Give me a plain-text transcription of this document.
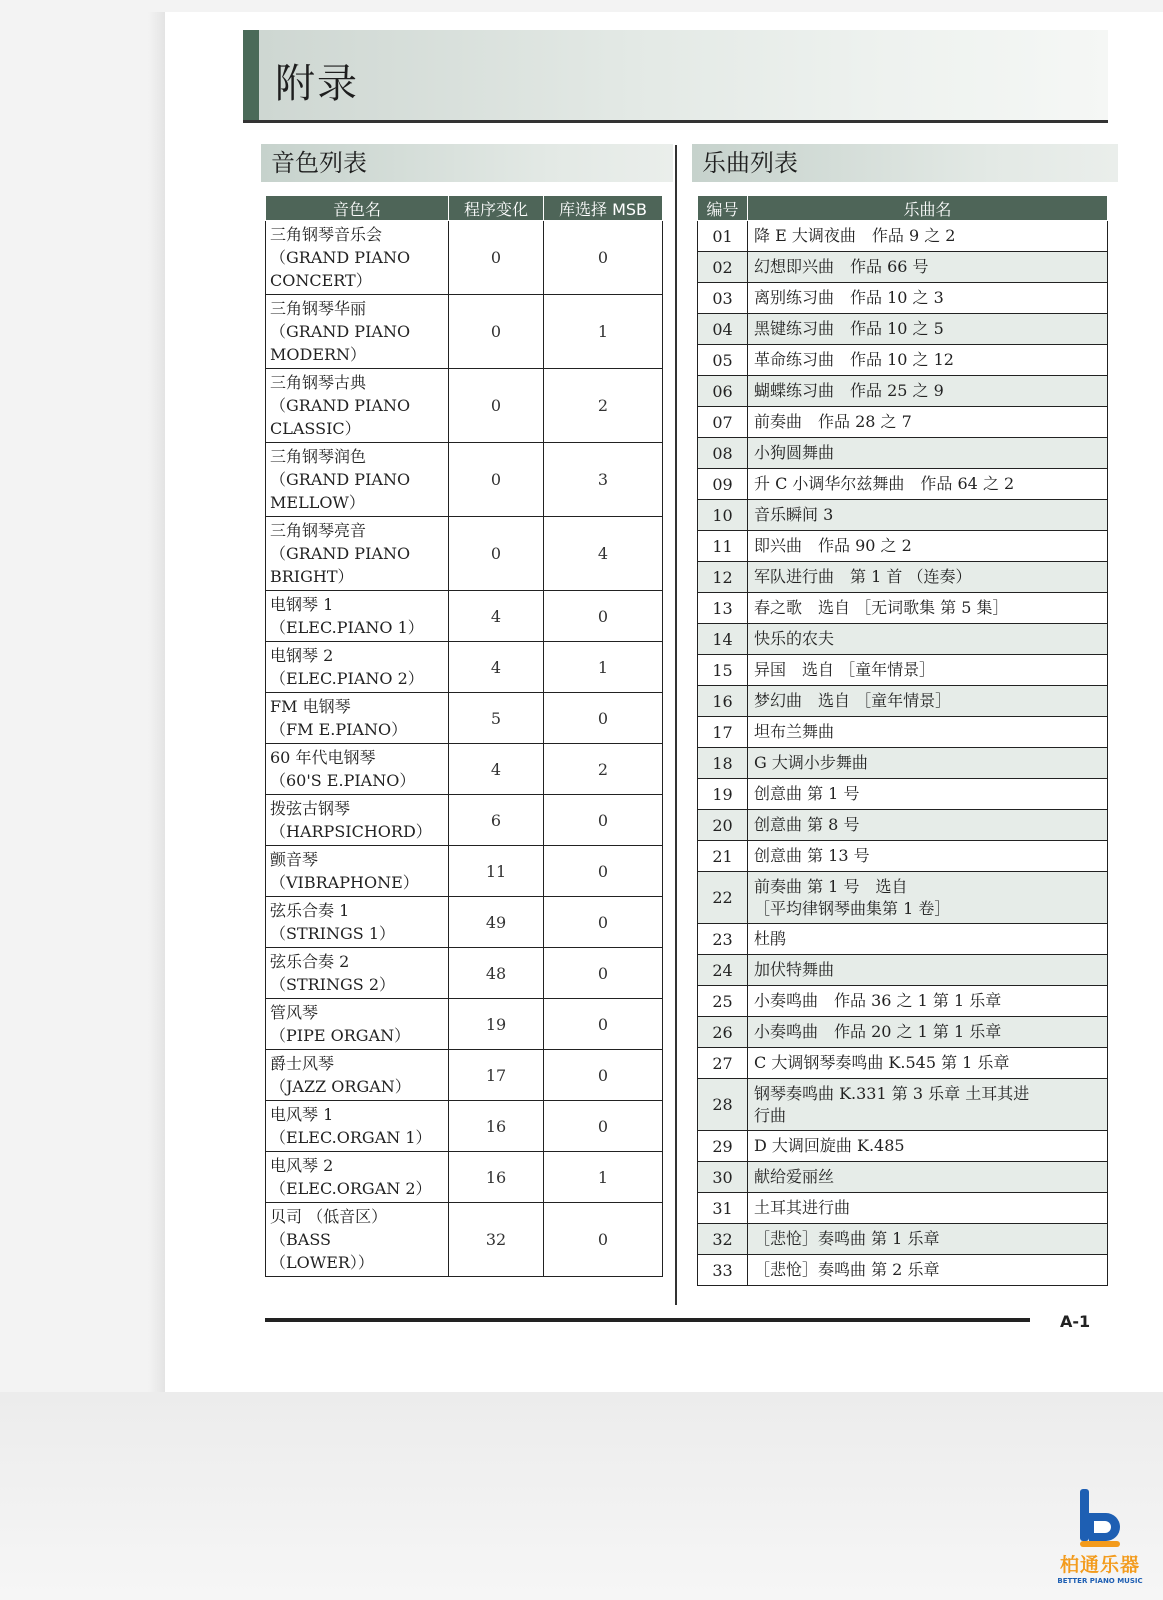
附录
音色列表	乐曲列表
音色名	程序变化	库选择 MSB

三角钢琴音乐会
（GRAND PIANO
CONCERT）	0	0

三角钢琴华丽
（GRAND PIANO
MODERN）	0	1

三角钢琴古典
（GRAND PIANO
CLASSIC）	0	2

三角钢琴润色
（GRAND PIANO
MELLOW）	0	3

三角钢琴亮音
（GRAND PIANO
BRIGHT）	0	4

电钢琴 1
（ELEC.PIANO 1）	4	0

电钢琴 2
（ELEC.PIANO 2）	4	1

FM 电钢琴
（FM E.PIANO）	5	0

60 年代电钢琴
（60'S E.PIANO）	4	2

拨弦古钢琴
（HARPSICHORD）	6	0

颤音琴
（VIBRAPHONE）	11	0

弦乐合奏 1
（STRINGS 1）	49	0

弦乐合奏 2
（STRINGS 2）	48	0

管风琴
（PIPE ORGAN）	19	0

爵士风琴
（JAZZ ORGAN）	17	0

电风琴 1
（ELEC.ORGAN 1）	16	0

电风琴 2
（ELEC.ORGAN 2）	16	1

贝司 （低音区）
（BASS
（LOWER））	32	0
编号	乐曲名
01	降 E 大调夜曲　作品 9 之 2
02	幻想即兴曲　作品 66 号
03	离别练习曲　作品 10 之 3
04	黑键练习曲　作品 10 之 5
05	革命练习曲　作品 10 之 12
06	蝴蝶练习曲　作品 25 之 9
07	前奏曲　作品 28 之 7
08	小狗圆舞曲
09	升 C 小调华尔兹舞曲　作品 64 之 2
10	音乐瞬间 3
11	即兴曲　作品 90 之 2
12	军队进行曲　第 1 首 （连奏）
13	春之歌　选自 ［无词歌集 第 5 集］
14	快乐的农夫
15	异国　选自 ［童年情景］
16	梦幻曲　选自 ［童年情景］
17	坦布兰舞曲
18	G 大调小步舞曲
19	创意曲 第 1 号
20	创意曲 第 8 号
21	创意曲 第 13 号
22	前奏曲 第 1 号　选自
［平均律钢琴曲集第 1 卷］

23	杜鹃
24	加伏特舞曲
25	小奏鸣曲　作品 36 之 1 第 1 乐章
26	小奏鸣曲　作品 20 之 1 第 1 乐章
27	C 大调钢琴奏鸣曲 K.545 第 1 乐章
28	钢琴奏鸣曲 K.331 第 3 乐章 土耳其进
行曲

29	D 大调回旋曲 K.485
30	献给爱丽丝
31	土耳其进行曲
32	［悲怆］奏鸣曲 第 1 乐章
33	［悲怆］奏鸣曲 第 2 乐章
A-1
柏通乐器
BETTER PIANO MUSIC
